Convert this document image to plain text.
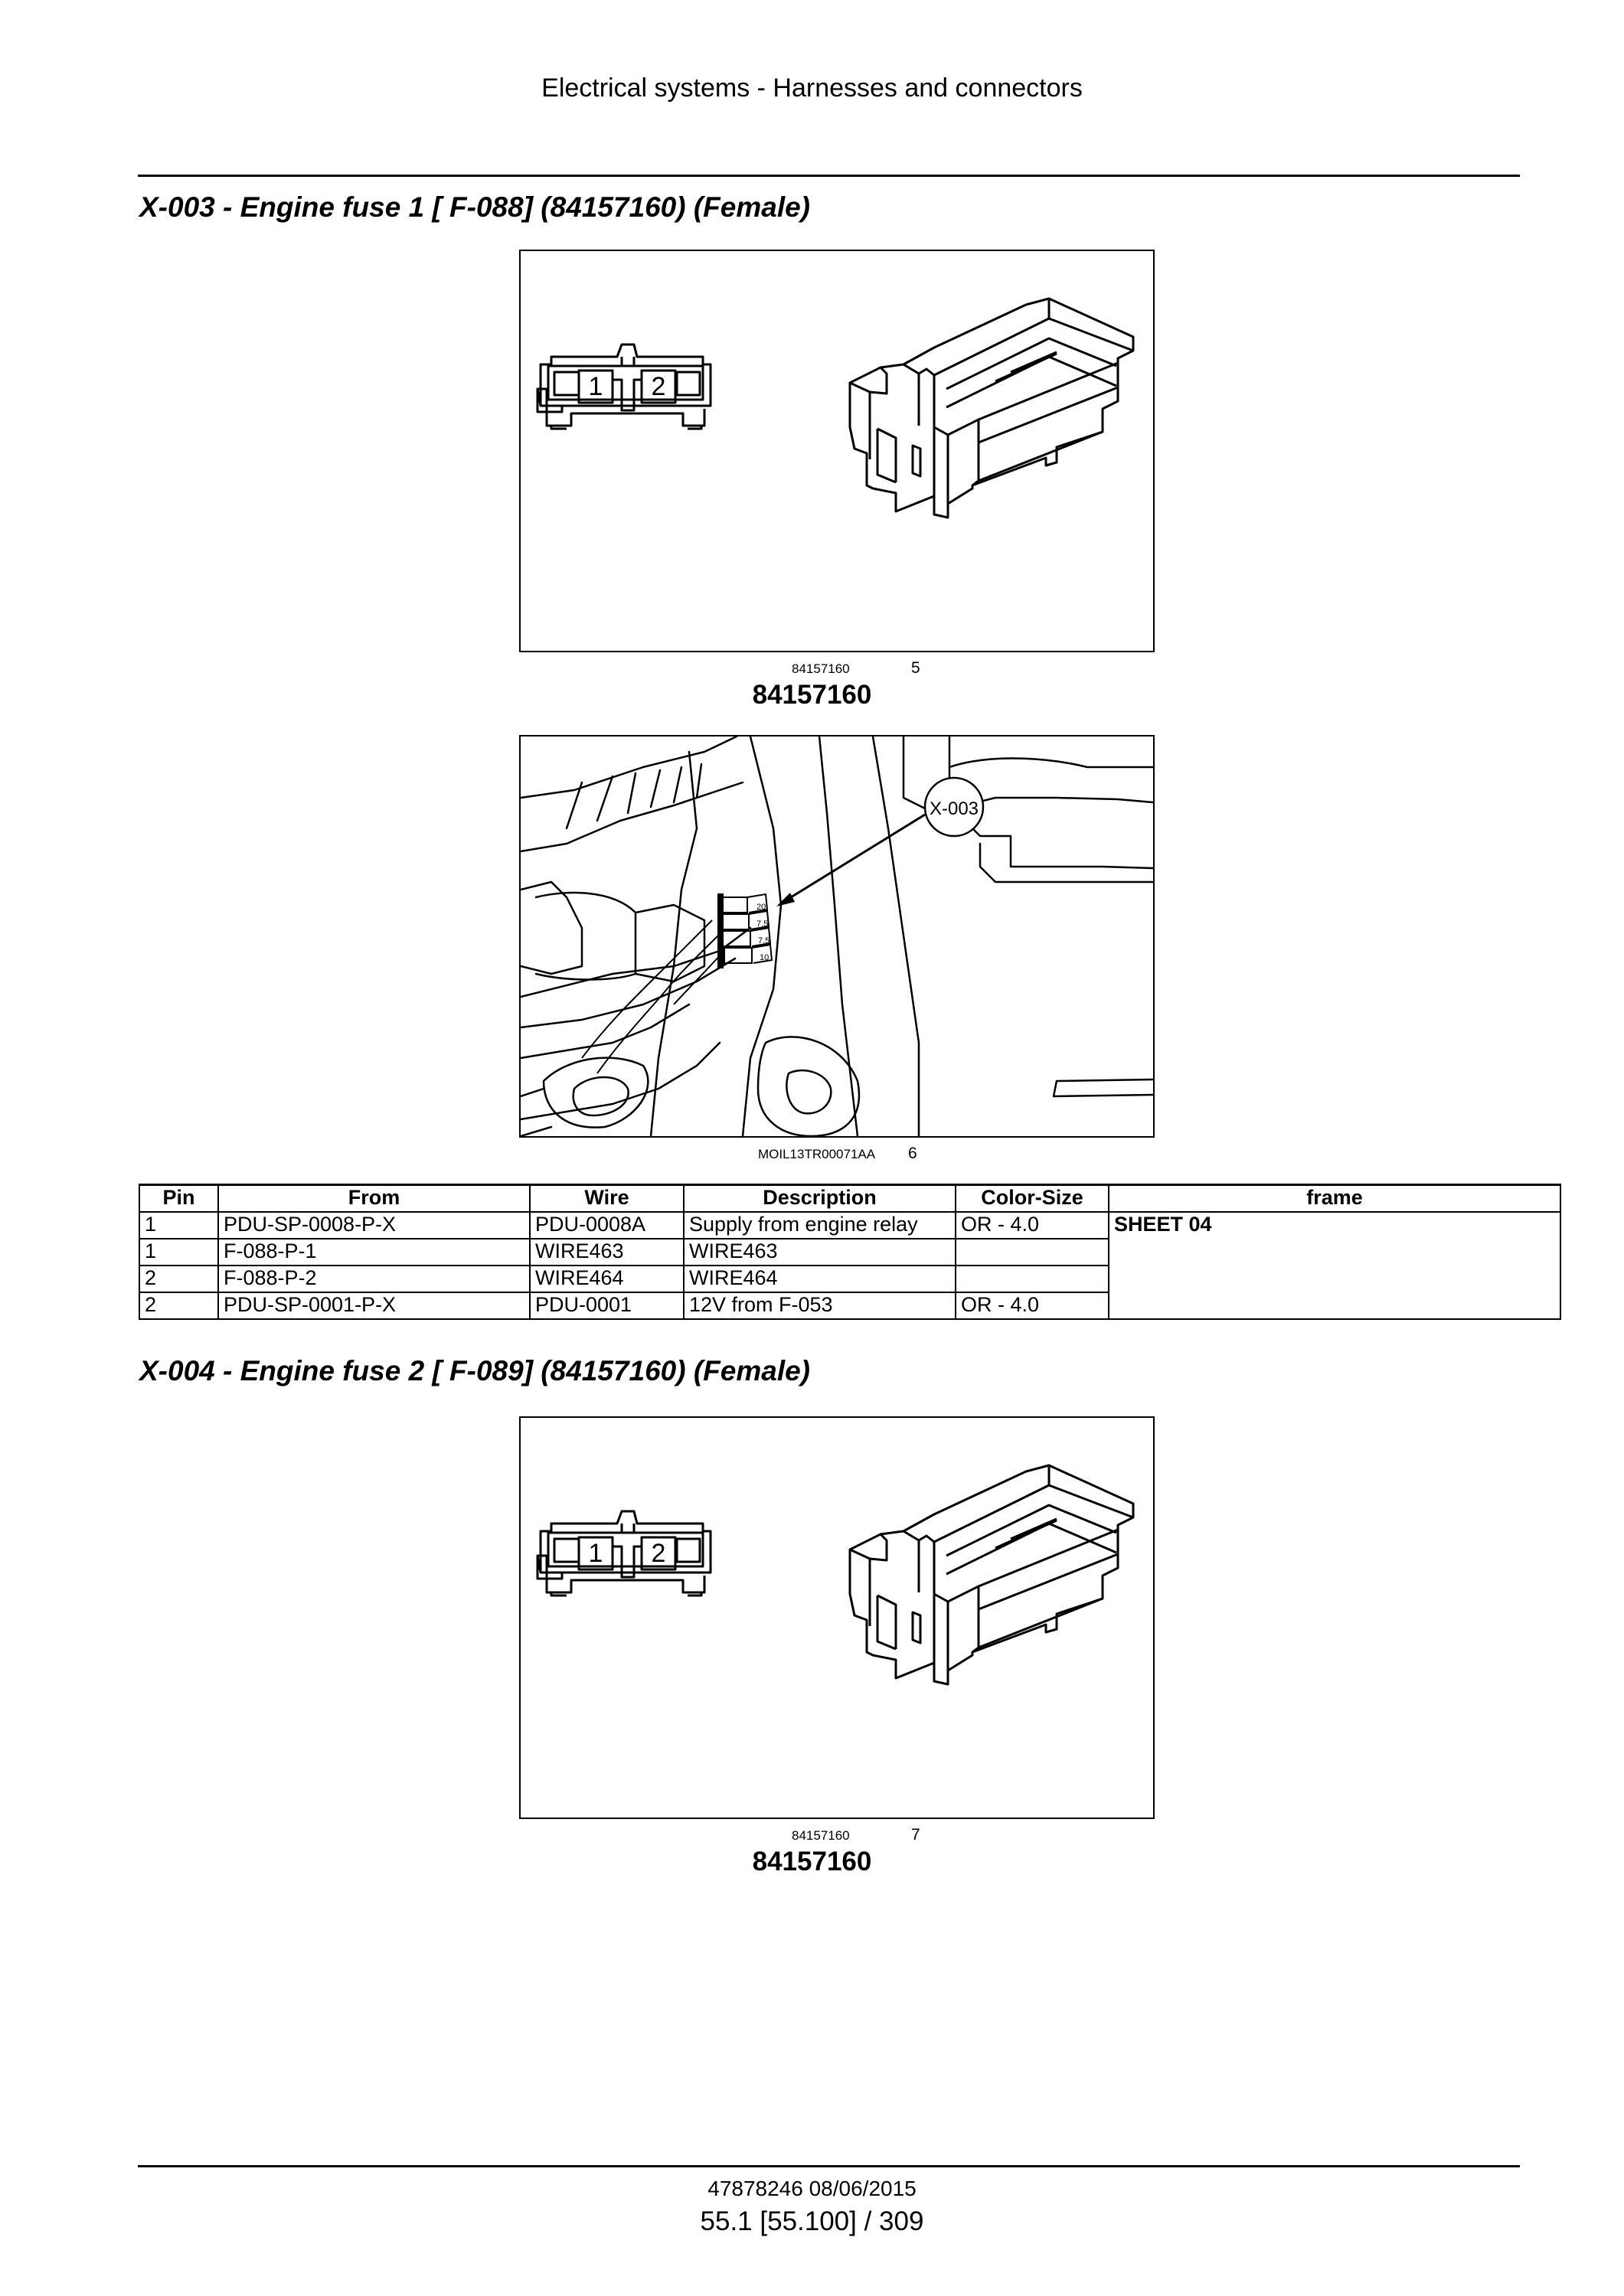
Electrical systems - Harnesses and connectors
X-003 - Engine fuse 1 [ F-088] (84157160) (Female)
1 2
84157160	5
84157160
20
7.5
7.5
10
X-003
MOIL13TR00071AA 6
Pin	From	Wire	Description	Color-Size	frame
1	PDU-SP-0008-P-X	PDU-0008A	Supply from engine relay	OR - 4.0	SHEET 04
1	F-088-P-1	WIRE463	WIRE463		
2	F-088-P-2	WIRE464	WIRE464		
2	PDU-SP-0001-P-X	PDU-0001	12V from F-053	OR - 4.0	
X-004 - Engine fuse 2 [ F-089] (84157160) (Female)
1 2
84157160	7
84157160
47878246 08/06/2015
55.1 [55.100] / 309
